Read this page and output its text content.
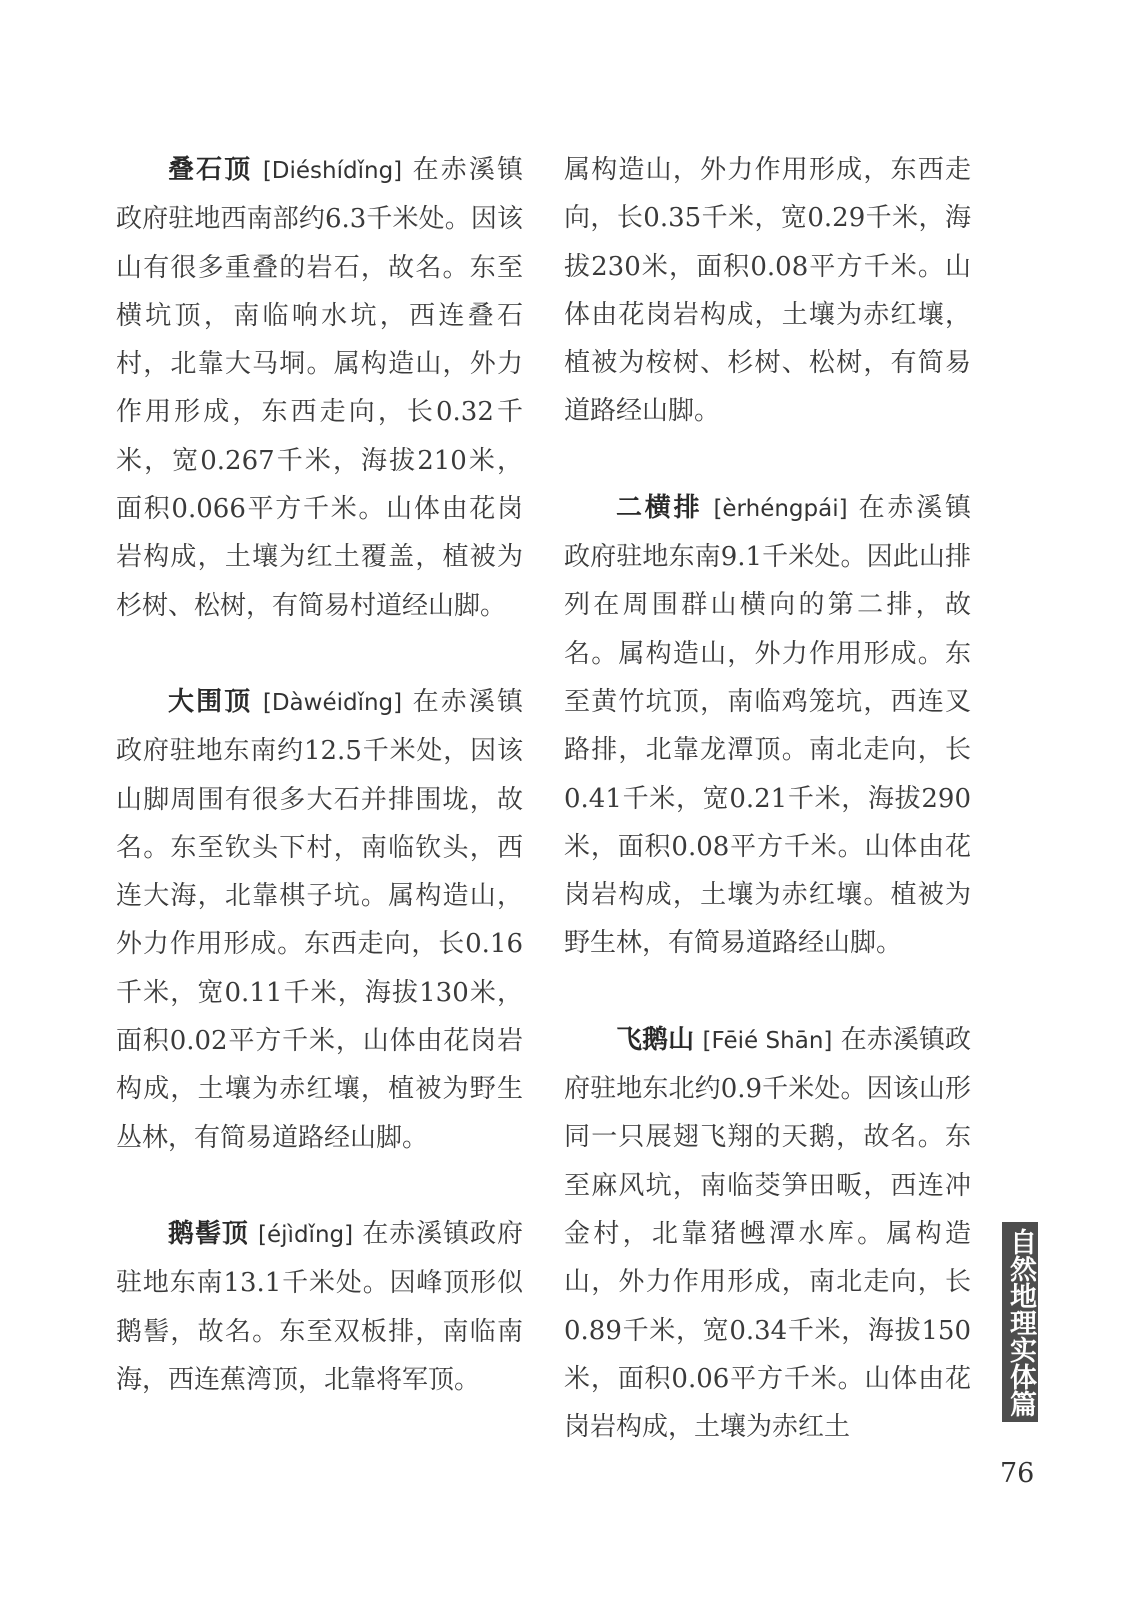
叠石顶 [Diéshídǐng] 在赤溪镇政府驻地西南部约6.3千米处。因该山有很多重叠的岩石，故名。东至横坑顶，南临响水坑，西连叠石村，北靠大马垌。属构造山，外力作用形成，东西走向，长0.32千米，宽0.267千米，海拔210米，面积0.066平方千米。山体由花岗岩构成，土壤为红土覆盖，植被为杉树、松树，有简易村道经山脚。

大围顶 [Dàwéidǐng] 在赤溪镇政府驻地东南约12.5千米处，因该山脚周围有很多大石并排围垅，故名。东至钦头下村，南临钦头，西连大海，北靠棋子坑。属构造山，外力作用形成。东西走向，长0.16千米，宽0.11千米，海拔130米，面积0.02平方千米，山体由花岗岩构成，土壤为赤红壤，植被为野生丛林，有简易道路经山脚。

鹅髻顶 [éjìdǐng] 在赤溪镇政府驻地东南13.1千米处。因峰顶形似鹅髻，故名。东至双板排，南临南海，西连蕉湾顶，北靠将军顶。

属构造山，外力作用形成，东西走向，长0.35千米，宽0.29千米，海拔230米，面积0.08平方千米。山体由花岗岩构成，土壤为赤红壤，植被为桉树、杉树、松树，有简易道路经山脚。

二横排 [èrhéngpái] 在赤溪镇政府驻地东南9.1千米处。因此山排列在周围群山横向的第二排，故名。属构造山，外力作用形成。东至黄竹坑顶，南临鸡笼坑，西连叉路排，北靠龙潭顶。南北走向，长0.41千米，宽0.21千米，海拔290米，面积0.08平方千米。山体由花岗岩构成，土壤为赤红壤。植被为野生林，有简易道路经山脚。

飞鹅山 [Fēié Shān] 在赤溪镇政府驻地东北约0.9千米处。因该山形同一只展翅飞翔的天鹅，故名。东至麻风坑，南临茭笋田畈，西连冲金村，北靠猪乸潭水库。属构造山，外力作用形成，南北走向，长0.89千米，宽0.34千米，海拔150米，面积0.06平方千米。山体由花岗岩构成，土壤为赤红土

自然地理实体篇
76
